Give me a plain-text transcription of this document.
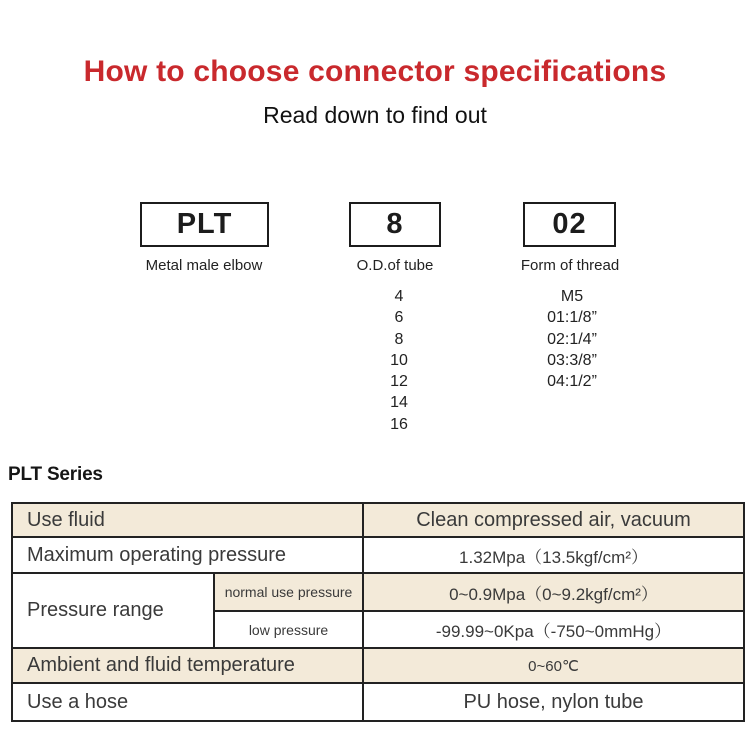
How to choose connector specifications
Read down to find out
PLT	8	02
Metal male elbow	O.D.of tube	Form of thread
4
6
8
10
12
14
16
M5
01:1/8”
02:1/4”
03:3/8”
04:1/2”
PLT Series
Use fluid		Clean compressed air, vacuum
Maximum operating pressure		1.32Mpa（13.5kgf/cm²）
Pressure range	normal use pressure	0~0.9Mpa（0~9.2kgf/cm²）
	low pressure	-99.99~0Kpa（-750~0mmHg）
Ambient and fluid temperature		0~60℃
Use a hose		PU hose, nylon tube
